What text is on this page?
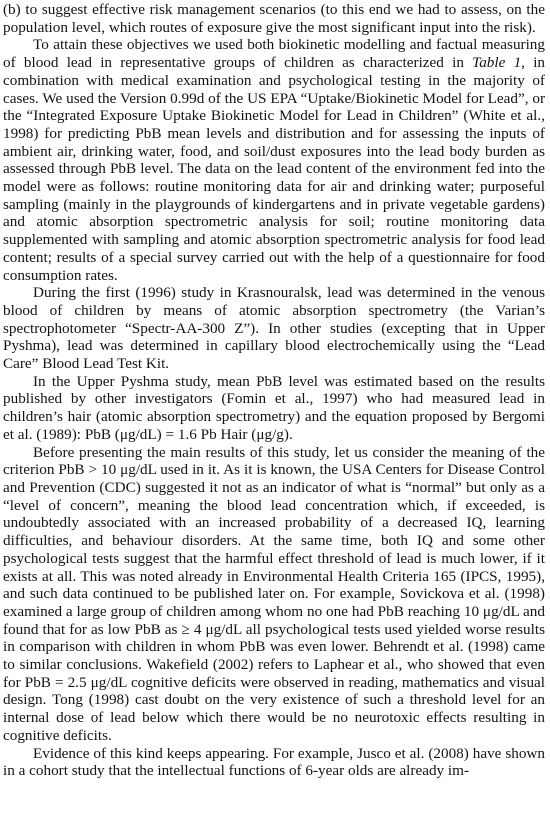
(b) to suggest effective risk management scenarios (to this end we had to assess, on the population level, which routes of exposure give the most significant input into the risk).

To attain these objectives we used both biokinetic modelling and factual measuring of blood lead in representative groups of children as characterized in Table 1, in combination with medical examination and psychological testing in the majority of cases. We used the Version 0.99d of the US EPA “Uptake/Biokinetic Model for Lead”, or the “Integrated Exposure Uptake Biokinetic Model for Lead in Children” (White et al., 1998) for predicting PbB mean levels and distribution and for assessing the inputs of ambient air, drinking water, food, and soil/dust exposures into the lead body burden as assessed through PbB level. The data on the lead content of the environment fed into the model were as follows: routine monitoring data for air and drinking water; purposeful sampling (mainly in the playgrounds of kindergartens and in private vegetable gardens) and atomic absorption spectrometric analysis for soil; routine monitoring data supplemented with sampling and atomic absorption spectrometric analysis for food lead content; results of a special survey carried out with the help of a questionnaire for food consumption rates.

During the first (1996) study in Krasnouralsk, lead was determined in the venous blood of children by means of atomic absorption spectrometry (the Varian’s spectrophotometer “Spectr-AA-300 Z”). In other studies (excepting that in Upper Pyshma), lead was determined in capillary blood electrochemically using the “Lead Care” Blood Lead Test Kit.

In the Upper Pyshma study, mean PbB level was estimated based on the results published by other investigators (Fomin et al., 1997) who had measured lead in children’s hair (atomic absorption spectrometry) and the equation proposed by Bergomi et al. (1989): PbB (μg/dL) = 1.6 Pb Hair (μg/g).

Before presenting the main results of this study, let us consider the meaning of the criterion PbB > 10 μg/dL used in it. As it is known, the USA Centers for Disease Control and Prevention (CDC) suggested it not as an indicator of what is “normal” but only as a “level of concern”, meaning the blood lead concentration which, if exceeded, is undoubtedly associated with an increased probability of a decreased IQ, learning difficulties, and behaviour disorders. At the same time, both IQ and some other psychological tests suggest that the harmful effect threshold of lead is much lower, if it exists at all. This was noted already in Environmental Health Criteria 165 (IPCS, 1995), and such data continued to be published later on. For example, Sovickova et al. (1998) examined a large group of children among whom no one had PbB reaching 10 μg/dL and found that for as low PbB as ≥ 4 μg/dL all psychological tests used yielded worse results in comparison with children in whom PbB was even lower. Behrendt et al. (1998) came to similar conclusions. Wakefield (2002) refers to Laphear et al., who showed that even for PbB = 2.5 μg/dL cognitive deficits were observed in reading, mathematics and visual design. Tong (1998) cast doubt on the very existence of such a threshold level for an internal dose of lead below which there would be no neurotoxic effects resulting in cognitive deficits.

Evidence of this kind keeps appearing. For example, Jusco et al. (2008) have shown in a cohort study that the intellectual functions of 6-year olds are already im-
